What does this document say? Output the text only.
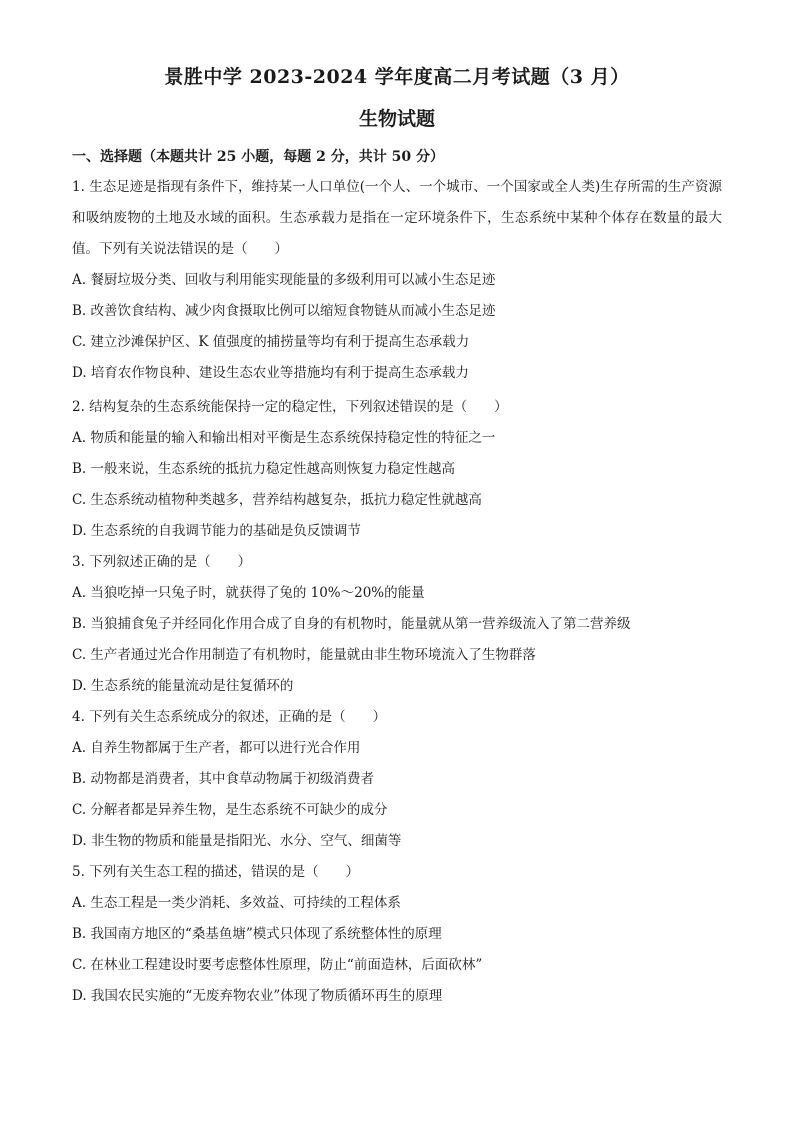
景胜中学 2023-2024 学年度高二月考试题（3 月）
生物试题

一、选择题（本题共计 25 小题，每题 2 分，共计 50 分）

1. 生态足迹是指现有条件下，维持某一人口单位(一个人、一个城市、一个国家或全人类)生存所需的生产资源和吸纳废物的土地及水域的面积。生态承载力是指在一定环境条件下，生态系统中某种个体存在数量的最大值。下列有关说法错误的是（　　）

A. 餐厨垃圾分类、回收与利用能实现能量的多级利用可以减小生态足迹

B. 改善饮食结构、减少肉食摄取比例可以缩短食物链从而减小生态足迹

C. 建立沙滩保护区、K 值强度的捕捞量等均有利于提高生态承载力

D. 培育农作物良种、建设生态农业等措施均有利于提高生态承载力

2. 结构复杂的生态系统能保持一定的稳定性，下列叙述错误的是（　　）

A. 物质和能量的输入和输出相对平衡是生态系统保持稳定性的特征之一

B. 一般来说，生态系统的抵抗力稳定性越高则恢复力稳定性越高

C. 生态系统动植物种类越多，营养结构越复杂，抵抗力稳定性就越高

D. 生态系统的自我调节能力的基础是负反馈调节

3. 下列叙述正确的是（　　）

A. 当狼吃掉一只兔子时，就获得了兔的 10%～20%的能量

B. 当狼捕食兔子并经同化作用合成了自身的有机物时，能量就从第一营养级流入了第二营养级

C. 生产者通过光合作用制造了有机物时，能量就由非生物环境流入了生物群落

D. 生态系统的能量流动是往复循环的

4. 下列有关生态系统成分的叙述，正确的是（　　）

A. 自养生物都属于生产者，都可以进行光合作用

B. 动物都是消费者，其中食草动物属于初级消费者

C. 分解者都是异养生物，是生态系统不可缺少的成分

D. 非生物的物质和能量是指阳光、水分、空气、细菌等

5. 下列有关生态工程的描述，错误的是（　　）

A. 生态工程是一类少消耗、多效益、可持续的工程体系

B. 我国南方地区的“桑基鱼塘”模式只体现了系统整体性的原理

C. 在林业工程建设时要考虑整体性原理，防止“前面造林，后面砍林”

D. 我国农民实施的“无废弃物农业”体现了物质循环再生的原理
